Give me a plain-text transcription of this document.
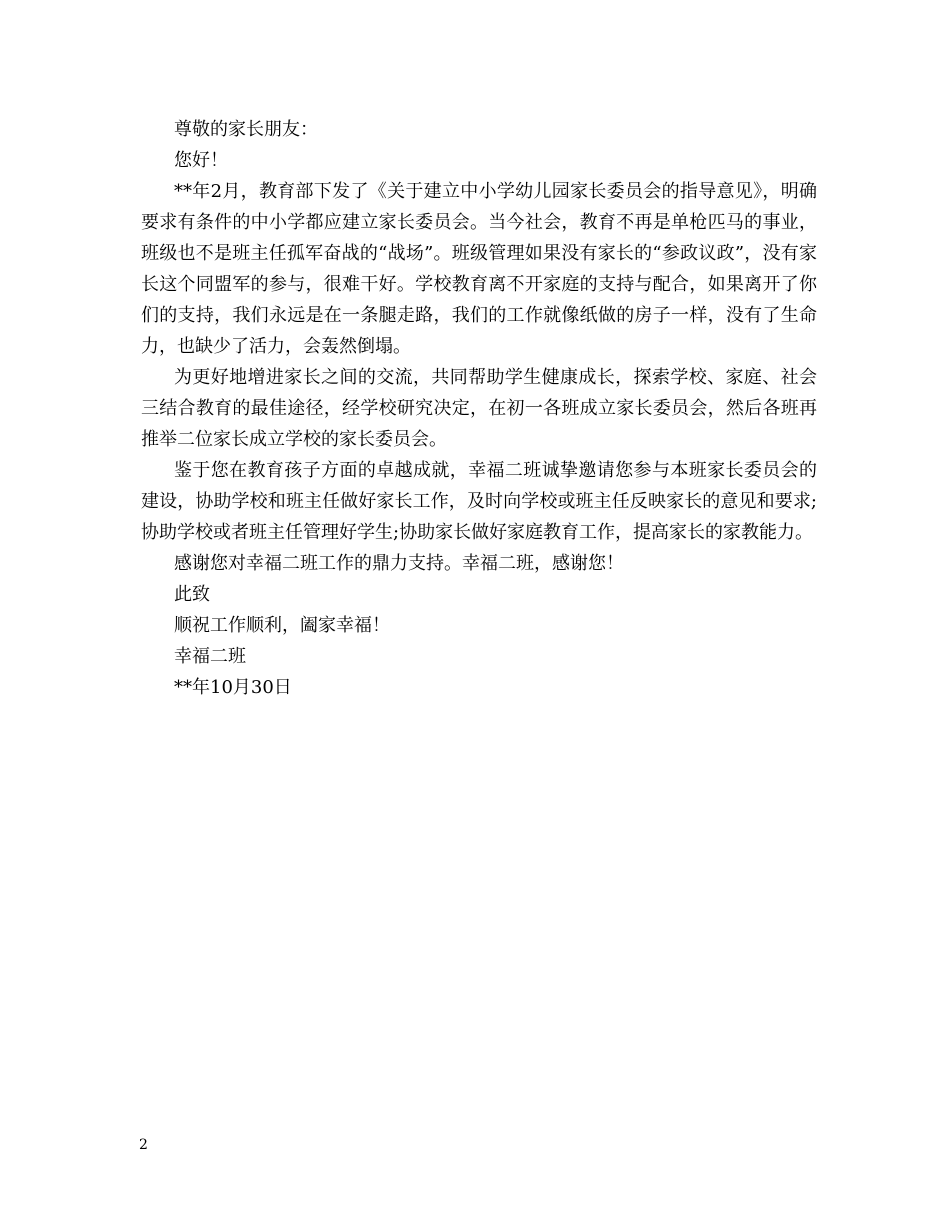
尊敬的家长朋友：

您好！

**年2月，教育部下发了《关于建立中小学幼儿园家长委员会的指导意见》，明确要求有条件的中小学都应建立家长委员会。当今社会，教育不再是单枪匹马的事业，班级也不是班主任孤军奋战的“战场”。班级管理如果没有家长的“参政议政”，没有家长这个同盟军的参与，很难干好。学校教育离不开家庭的支持与配合，如果离开了你们的支持，我们永远是在一条腿走路，我们的工作就像纸做的房子一样，没有了生命力，也缺少了活力，会轰然倒塌。

为更好地增进家长之间的交流，共同帮助学生健康成长，探索学校、家庭、社会三结合教育的最佳途径，经学校研究决定，在初一各班成立家长委员会，然后各班再推举二位家长成立学校的家长委员会。

鉴于您在教育孩子方面的卓越成就，幸福二班诚挚邀请您参与本班家长委员会的建设，协助学校和班主任做好家长工作，及时向学校或班主任反映家长的意见和要求;协助学校或者班主任管理好学生;协助家长做好家庭教育工作，提高家长的家教能力。

感谢您对幸福二班工作的鼎力支持。幸福二班，感谢您！

此致

顺祝工作顺利，阖家幸福！

幸福二班

**年10月30日

2
